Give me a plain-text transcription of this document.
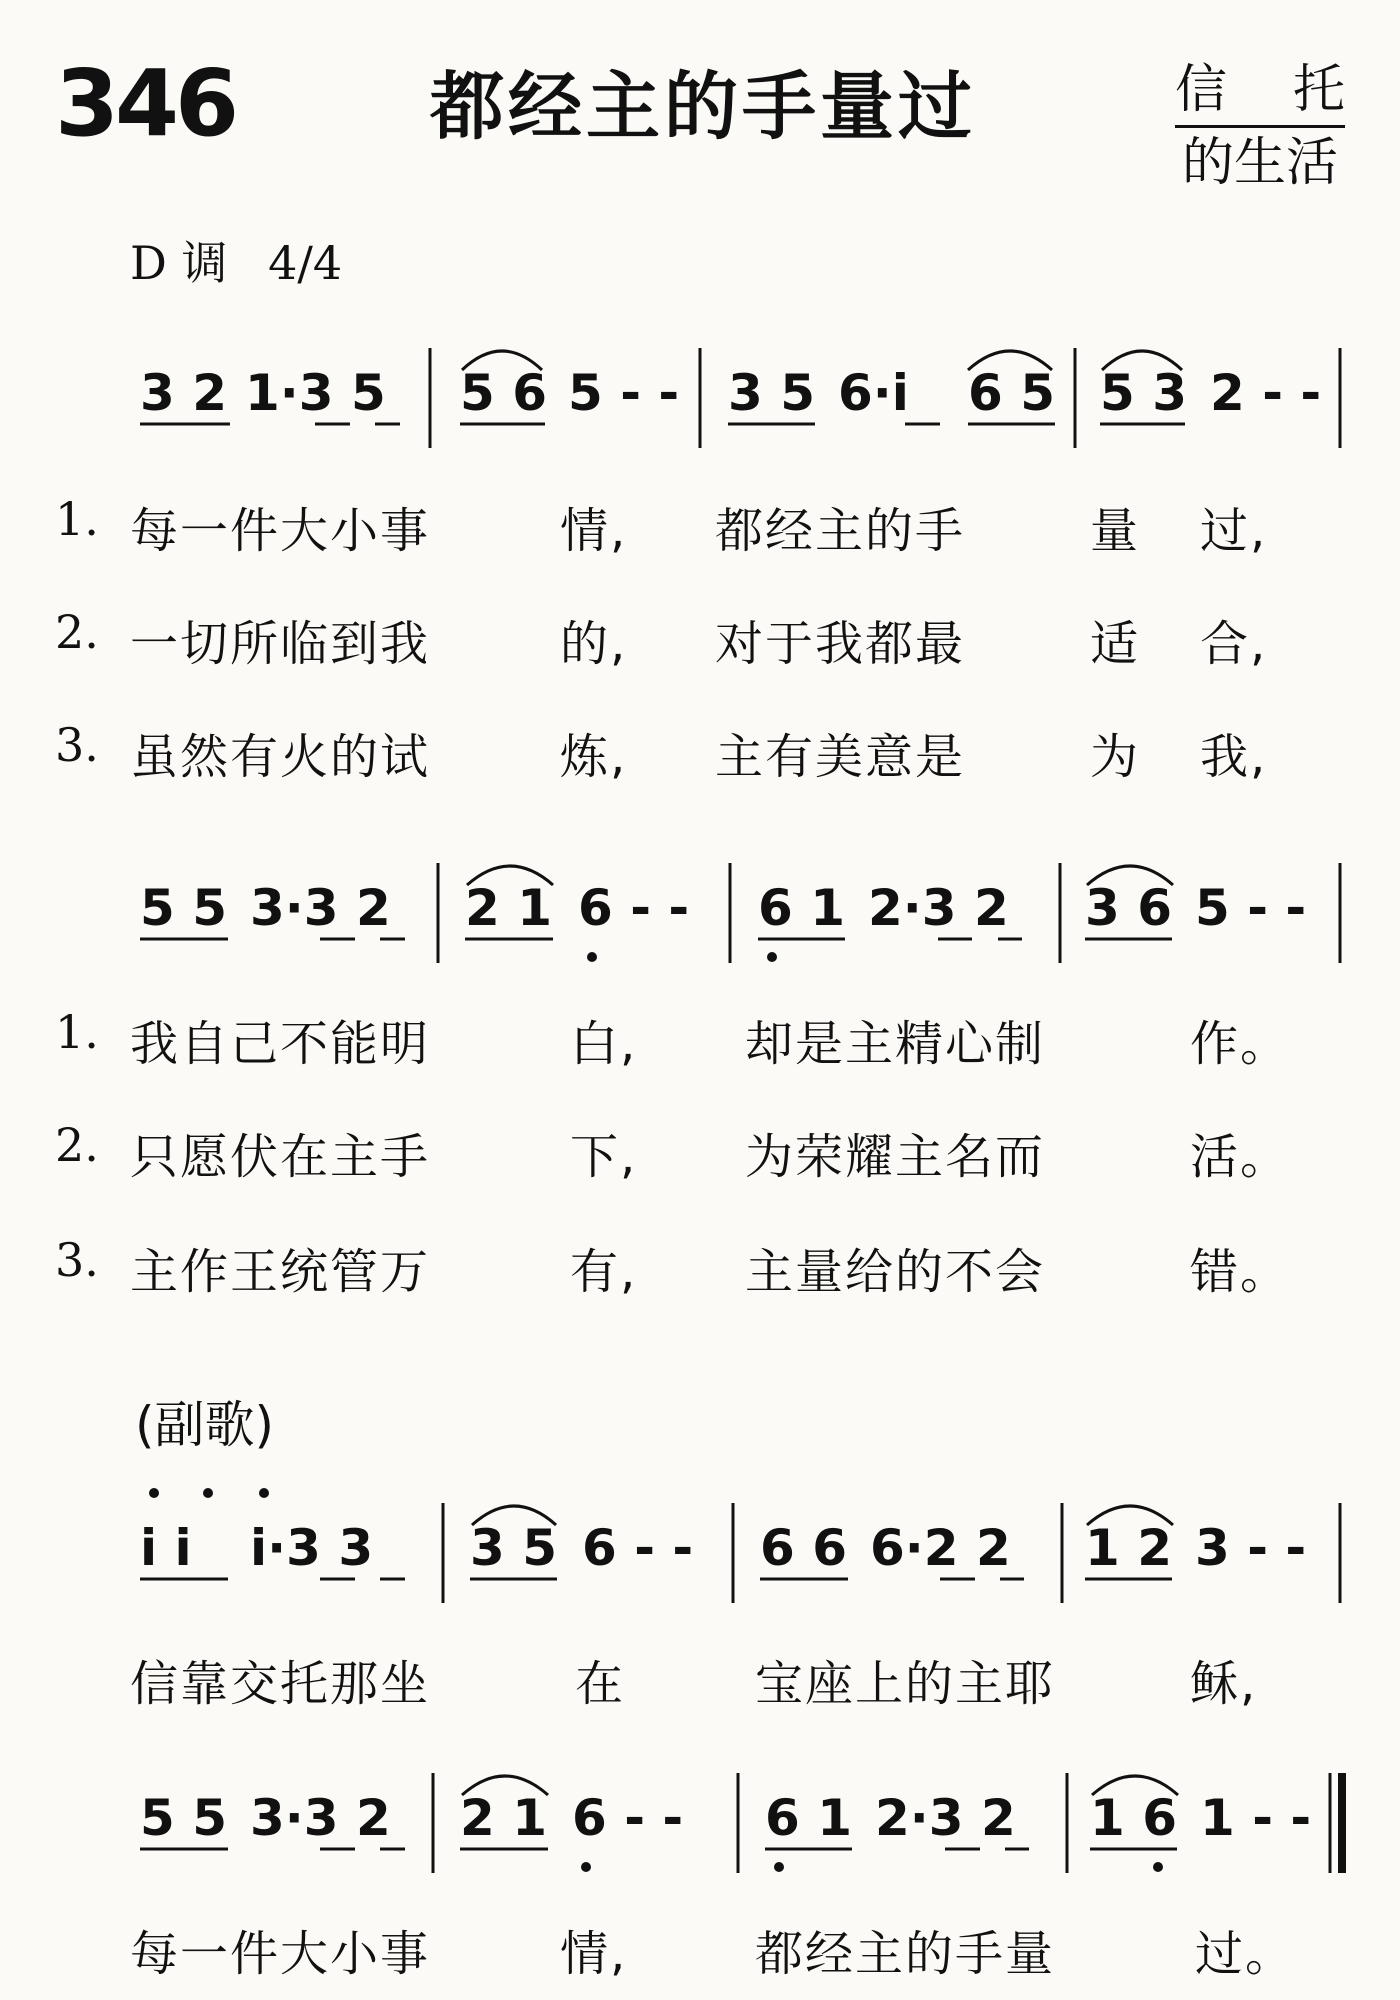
346	都经主的手量过	信 托
的生活
D 调 4/4
3 2 1·3 5 5 6 5 - - 3 5 6·i 6 5 5 3 2 - -
1. 每一件大小事	情, 都经主的手	量 过,
2. 一切所临到我	的, 对于我都最	适 合,
3. 虽然有火的试	炼, 主有美意是	为 我,
5 5 3·3 2 2 1 6 - - 6 1 2·3 2 3 6 5 - -
1. 我自己不能明	白, 却是主精心制	作。
2. 只愿伏在主手	下, 为荣耀主名而	活。
3. 主作王统管万	有, 主量给的不会	错。
(副歌)
i i i·3 3 3 5 6 - - 6 6 6·2 2 1 2 3 - -
信靠交托那坐	在	宝座上的主耶	稣,
5 5 3·3 2 2 1 6 - - 6 1 2·3 2 1 6 1 - -
每一件大小事	情,	都经主的手量	过。
